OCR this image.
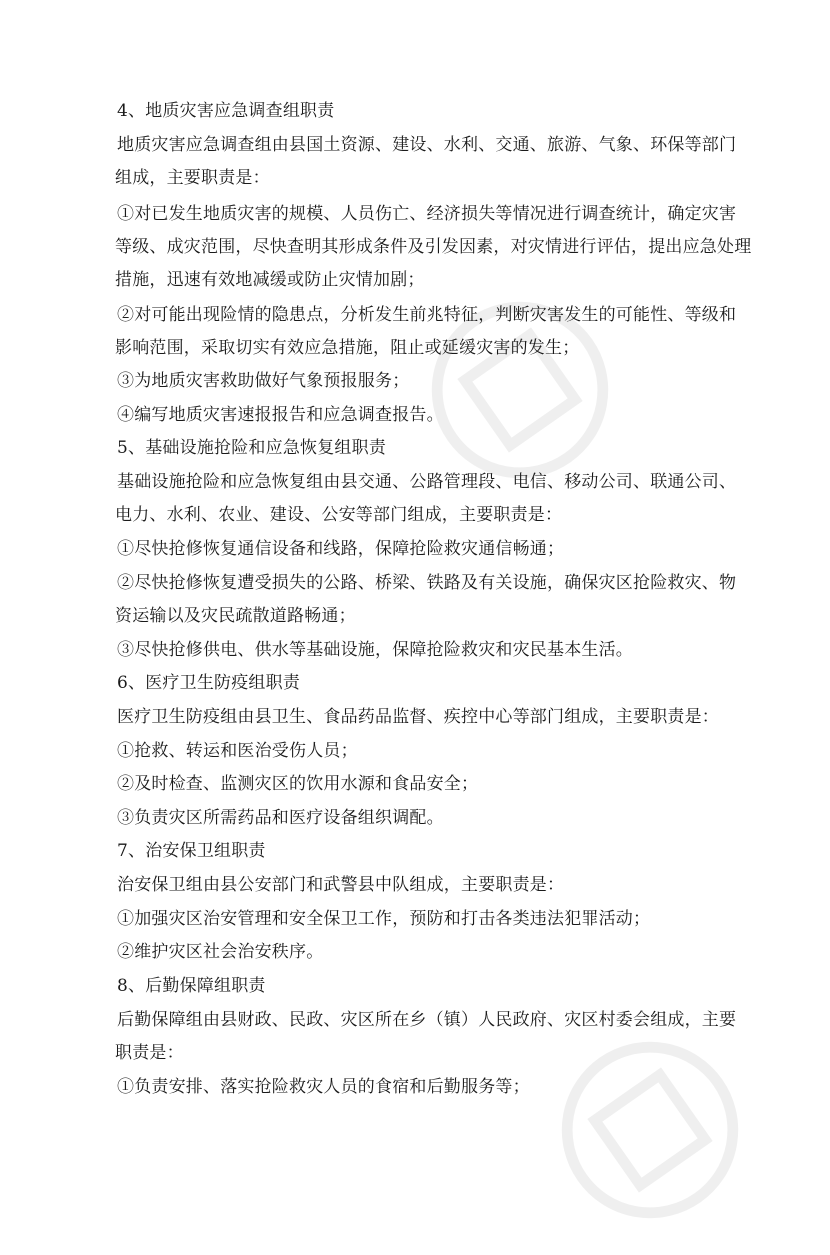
4、地质灾害应急调查组职责
地质灾害应急调查组由县国土资源、建设、水利、交通、旅游、气象、环保等部门
组成，主要职责是：
①对已发生地质灾害的规模、人员伤亡、经济损失等情况进行调查统计，确定灾害
等级、成灾范围，尽快查明其形成条件及引发因素，对灾情进行评估，提出应急处理
措施，迅速有效地减缓或防止灾情加剧；
②对可能出现险情的隐患点，分析发生前兆特征，判断灾害发生的可能性、等级和
影响范围，采取切实有效应急措施，阻止或延缓灾害的发生；
③为地质灾害救助做好气象预报服务；
④编写地质灾害速报报告和应急调查报告。
5、基础设施抢险和应急恢复组职责
基础设施抢险和应急恢复组由县交通、公路管理段、电信、移动公司、联通公司、
电力、水利、农业、建设、公安等部门组成，主要职责是：
①尽快抢修恢复通信设备和线路，保障抢险救灾通信畅通；
②尽快抢修恢复遭受损失的公路、桥梁、铁路及有关设施，确保灾区抢险救灾、物
资运输以及灾民疏散道路畅通；
③尽快抢修供电、供水等基础设施，保障抢险救灾和灾民基本生活。
6、医疗卫生防疫组职责
医疗卫生防疫组由县卫生、食品药品监督、疾控中心等部门组成，主要职责是：
①抢救、转运和医治受伤人员；
②及时检查、监测灾区的饮用水源和食品安全；
③负责灾区所需药品和医疗设备组织调配。
7、治安保卫组职责
治安保卫组由县公安部门和武警县中队组成，主要职责是：
①加强灾区治安管理和安全保卫工作，预防和打击各类违法犯罪活动；
②维护灾区社会治安秩序。
8、后勤保障组职责
后勤保障组由县财政、民政、灾区所在乡（镇）人民政府、灾区村委会组成，主要
职责是：
①负责安排、落实抢险救灾人员的食宿和后勤服务等；
